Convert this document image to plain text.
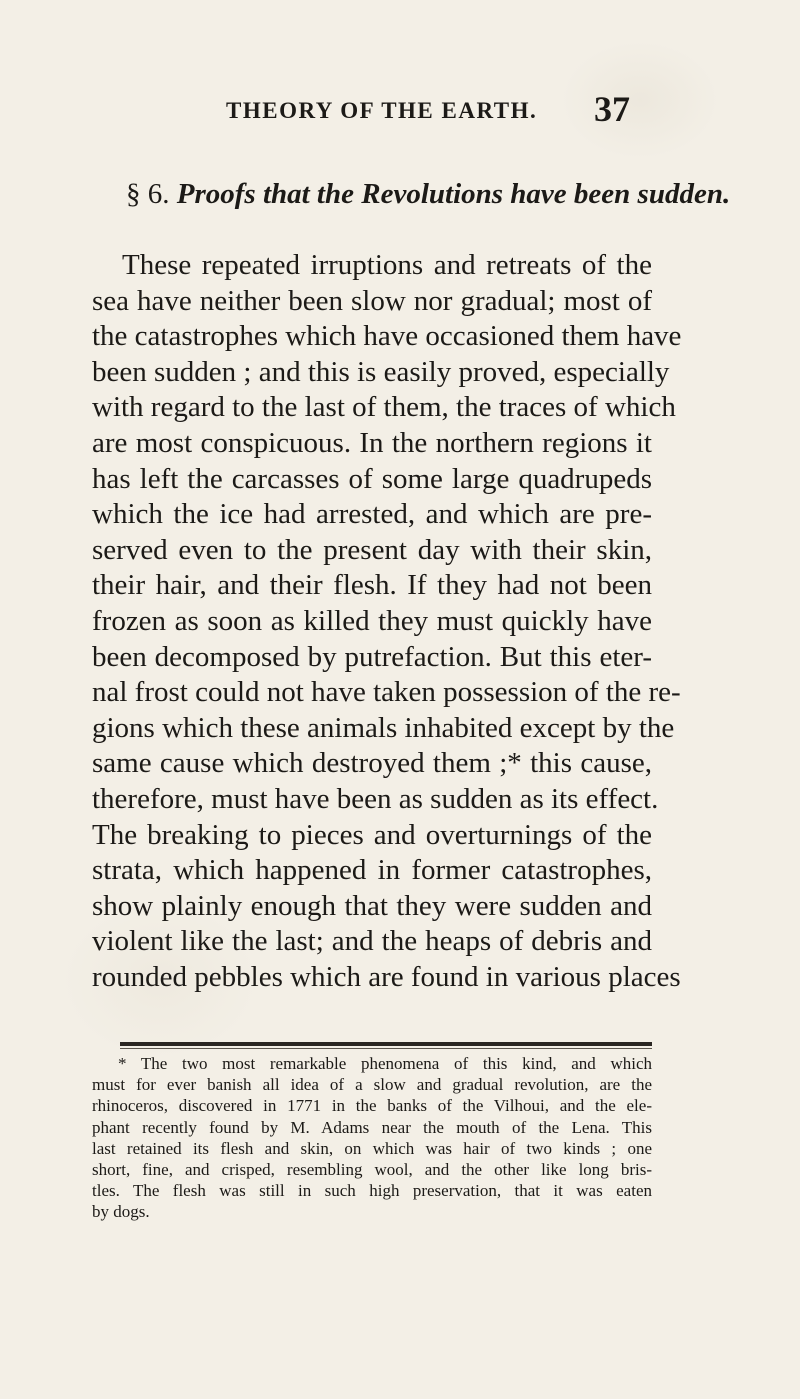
THEORY OF THE EARTH. 37
§ 6. Proofs that the Revolutions have been sudden.
These repeated irruptions and retreats of the
sea have neither been slow nor gradual; most of
the catastrophes which have occasioned them have
been sudden ; and this is easily proved, especially
with regard to the last of them, the traces of which
are most conspicuous. In the northern regions it
has left the carcasses of some large quadrupeds
which the ice had arrested, and which are pre-
served even to the present day with their skin,
their hair, and their flesh. If they had not been
frozen as soon as killed they must quickly have
been decomposed by putrefaction. But this eter-
nal frost could not have taken possession of the re-
gions which these animals inhabited except by the
same cause which destroyed them ;* this cause,
therefore, must have been as sudden as its effect.
The breaking to pieces and overturnings of the
strata, which happened in former catastrophes,
show plainly enough that they were sudden and
violent like the last; and the heaps of debris and
rounded pebbles which are found in various places
* The two most remarkable phenomena of this kind, and which
must for ever banish all idea of a slow and gradual revolution, are the
rhinoceros, discovered in 1771 in the banks of the Vilhoui, and the ele-
phant recently found by M. Adams near the mouth of the Lena. This
last retained its flesh and skin, on which was hair of two kinds ; one
short, fine, and crisped, resembling wool, and the other like long bris-
tles. The flesh was still in such high preservation, that it was eaten
by dogs.
